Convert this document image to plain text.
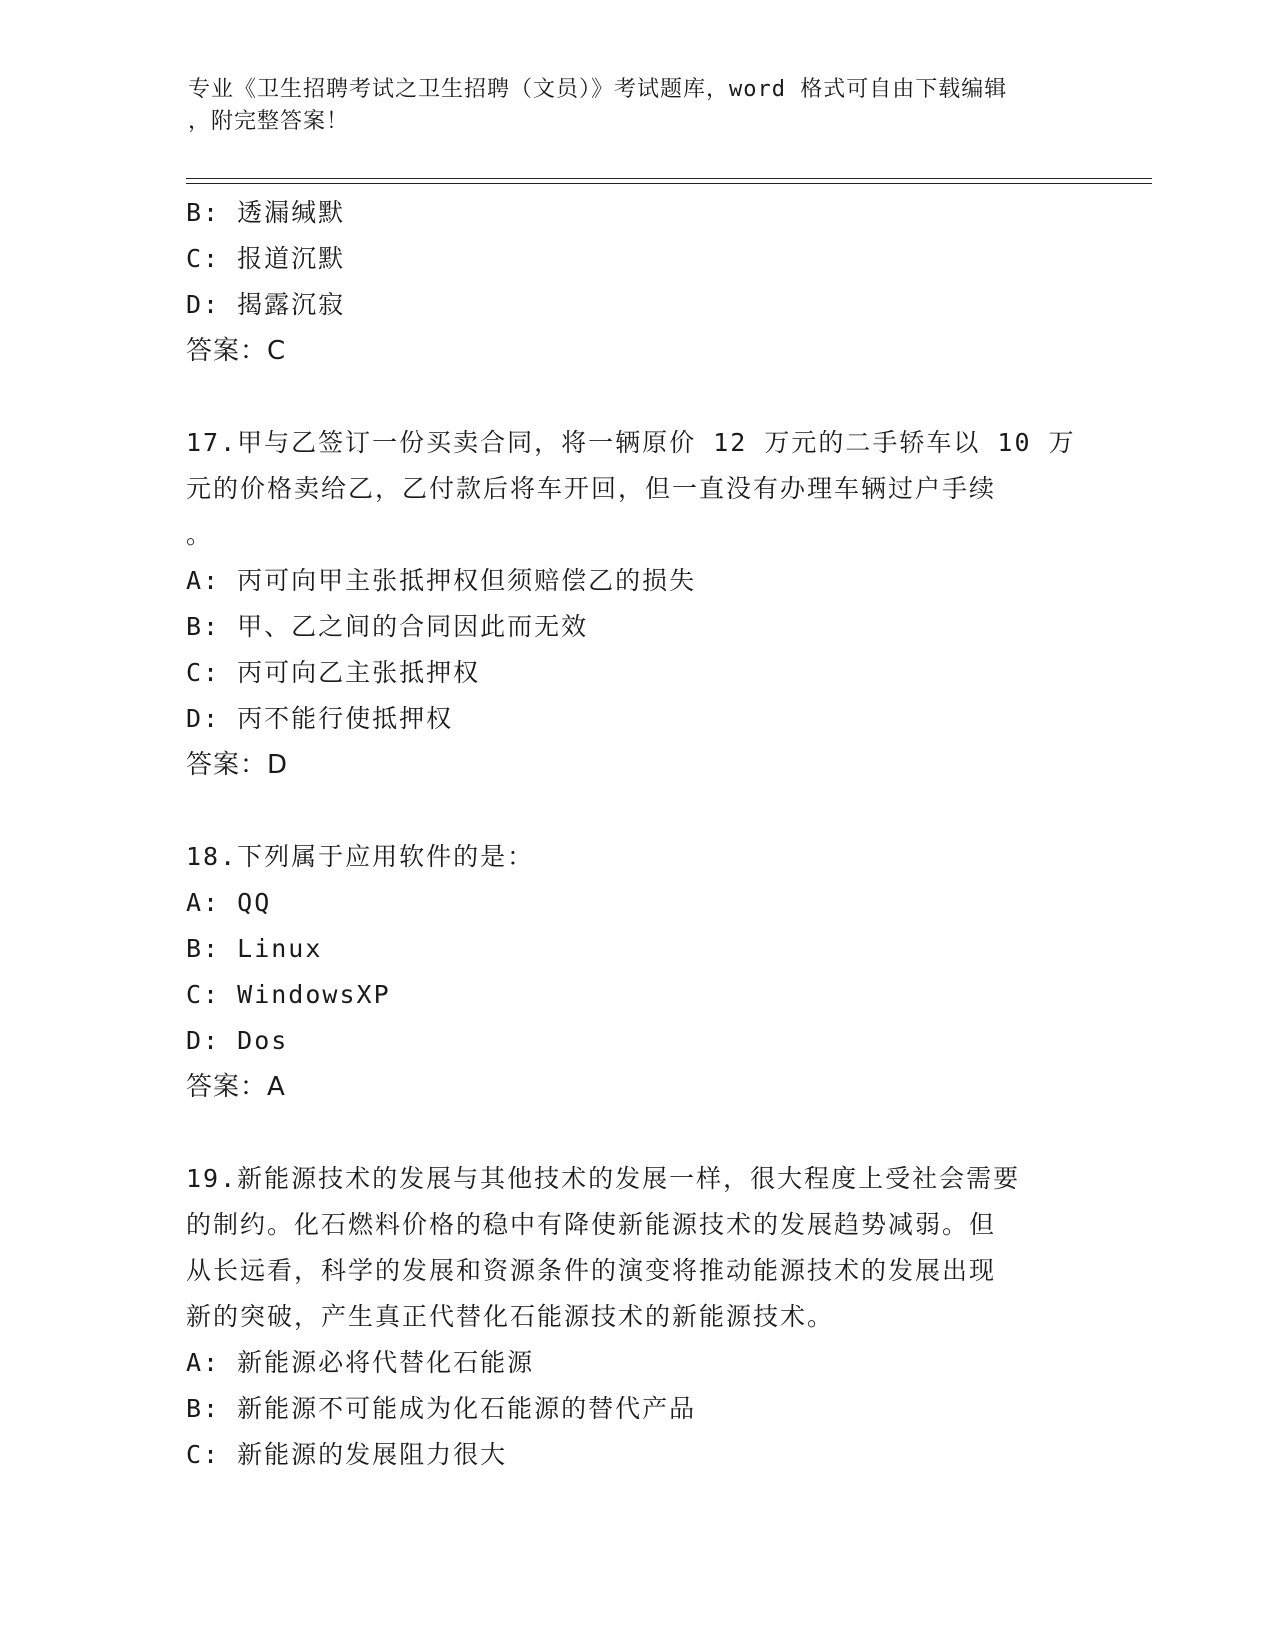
专业《卫生招聘考试之卫生招聘（文员）》考试题库，word 格式可自由下载编辑
，附完整答案！
B: 透漏缄默
C: 报道沉默
D: 揭露沉寂
答案：C
17.甲与乙签订一份买卖合同，将一辆原价 12 万元的二手轿车以 10 万
元的价格卖给乙，乙付款后将车开回，但一直没有办理车辆过户手续
。
A: 丙可向甲主张抵押权但须赔偿乙的损失
B: 甲、乙之间的合同因此而无效
C: 丙可向乙主张抵押权
D: 丙不能行使抵押权
答案：D
18.下列属于应用软件的是：
A: QQ
B: Linux
C: WindowsXP
D: Dos
答案：A
19.新能源技术的发展与其他技术的发展一样，很大程度上受社会需要
的制约。化石燃料价格的稳中有降使新能源技术的发展趋势减弱。但
从长远看，科学的发展和资源条件的演变将推动能源技术的发展出现
新的突破，产生真正代替化石能源技术的新能源技术。
A: 新能源必将代替化石能源
B: 新能源不可能成为化石能源的替代产品
C: 新能源的发展阻力很大
